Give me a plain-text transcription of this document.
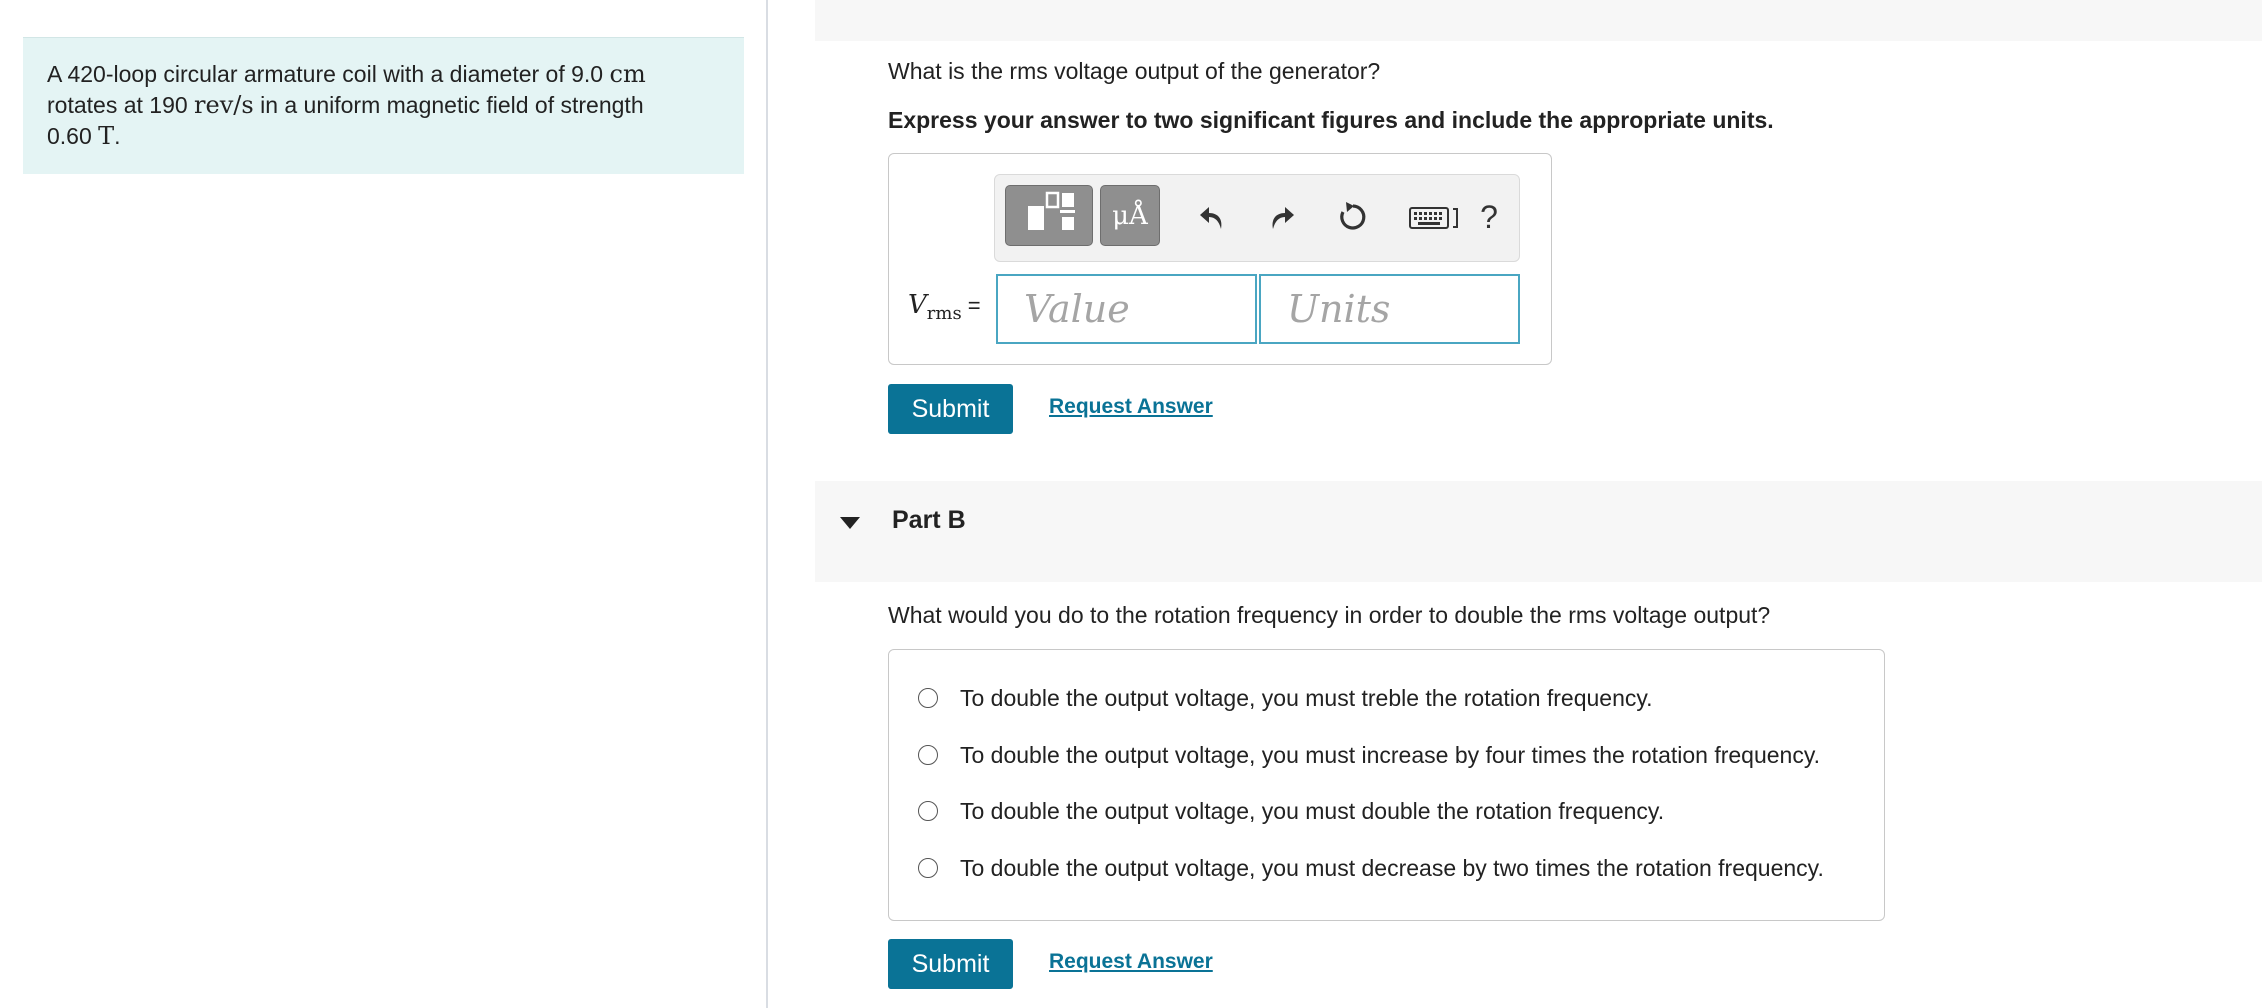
A 420-loop circular armature coil with a diameter of 9.0 cm
rotates at 190 rev/s in a uniform magnetic field of strength
0.60 T.
What is the rms voltage output of the generator?
Express your answer to two significant figures and include the appropriate units.
μÅ	?
$V_{rms}$ =
Value
Units
Submit	Request Answer
Part B
What would you do to the rotation frequency in order to double the rms voltage output?
To double the output voltage, you must treble the rotation frequency.
To double the output voltage, you must increase by four times the rotation frequency.
To double the output voltage, you must double the rotation frequency.
To double the output voltage, you must decrease by two times the rotation frequency.
Submit	Request Answer
